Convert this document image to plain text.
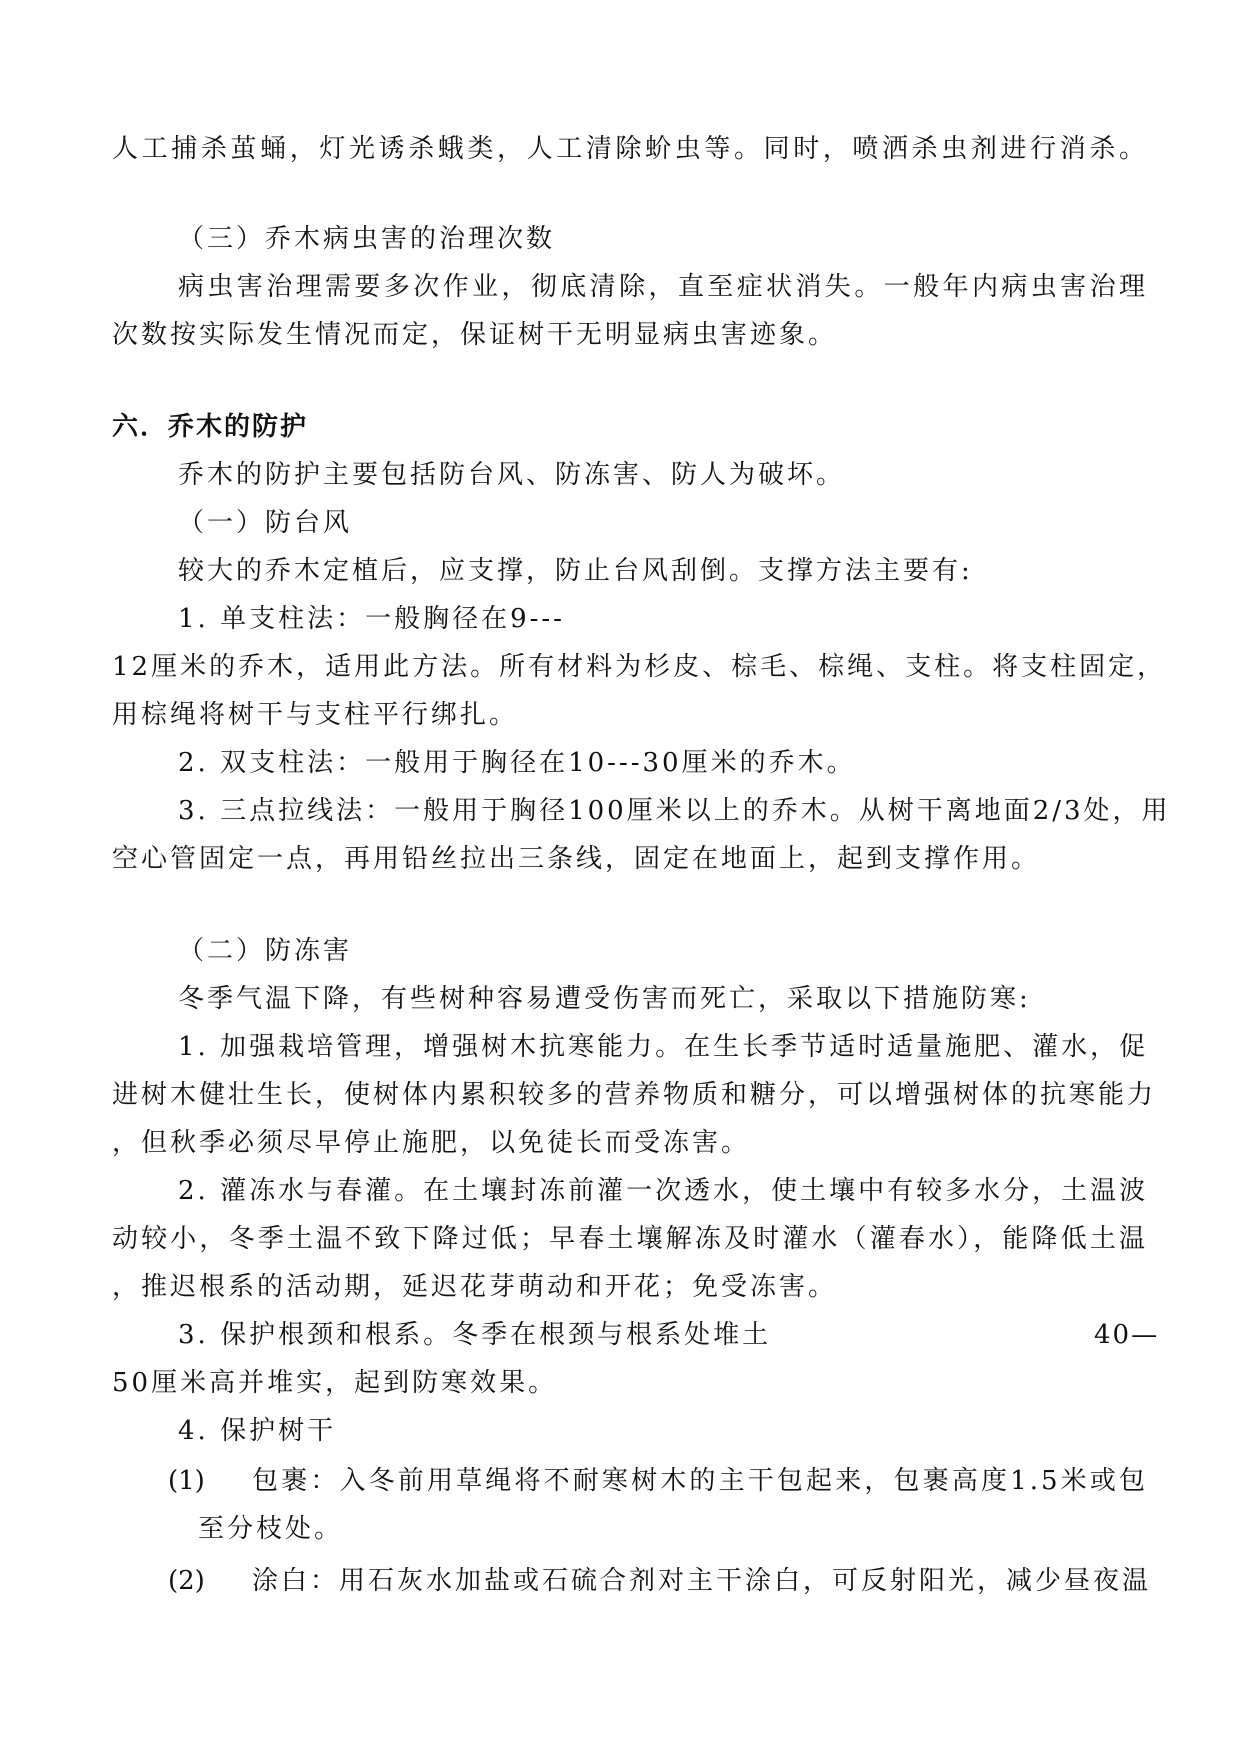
人工捕杀茧蛹，灯光诱杀蛾类，人工清除蚧虫等。同时，喷洒杀虫剂进行消杀。

（三）乔木病虫害的治理次数

病虫害治理需要多次作业，彻底清除，直至症状消失。一般年内病虫害治理

次数按实际发生情况而定，保证树干无明显病虫害迹象。

六．乔木的防护

乔木的防护主要包括防台风、防冻害、防人为破坏。

（一）防台风

较大的乔木定植后，应支撑，防止台风刮倒。支撑方法主要有:

1. 单支柱法：一般胸径在9---

12厘米的乔木，适用此方法。所有材料为杉皮、棕毛、棕绳、支柱。将支柱固定，

用棕绳将树干与支柱平行绑扎。

2. 双支柱法：一般用于胸径在10---30厘米的乔木。

3. 三点拉线法：一般用于胸径100厘米以上的乔木。从树干离地面2/3处，用

空心管固定一点，再用铅丝拉出三条线，固定在地面上，起到支撑作用。

（二）防冻害

冬季气温下降，有些树种容易遭受伤害而死亡，采取以下措施防寒:

1. 加强栽培管理，增强树木抗寒能力。在生长季节适时适量施肥、灌水，促

进树木健壮生长，使树体内累积较多的营养物质和糖分，可以增强树体的抗寒能力

，但秋季必须尽早停止施肥，以免徒长而受冻害。

2. 灌冻水与春灌。在土壤封冻前灌一次透水，使土壤中有较多水分，土温波

动较小，冬季土温不致下降过低；早春土壤解冻及时灌水（灌春水），能降低土温

，推迟根系的活动期，延迟花芽萌动和开花；免受冻害。

3. 保护根颈和根系。冬季在根颈与根系处堆土	40—

50厘米高并堆实，起到防寒效果。

4. 保护树干

(1) 包裹：入冬前用草绳将不耐寒树木的主干包起来，包裹高度1.5米或包

至分枝处。

(2) 涂白：用石灰水加盐或石硫合剂对主干涂白，可反射阳光，减少昼夜温
